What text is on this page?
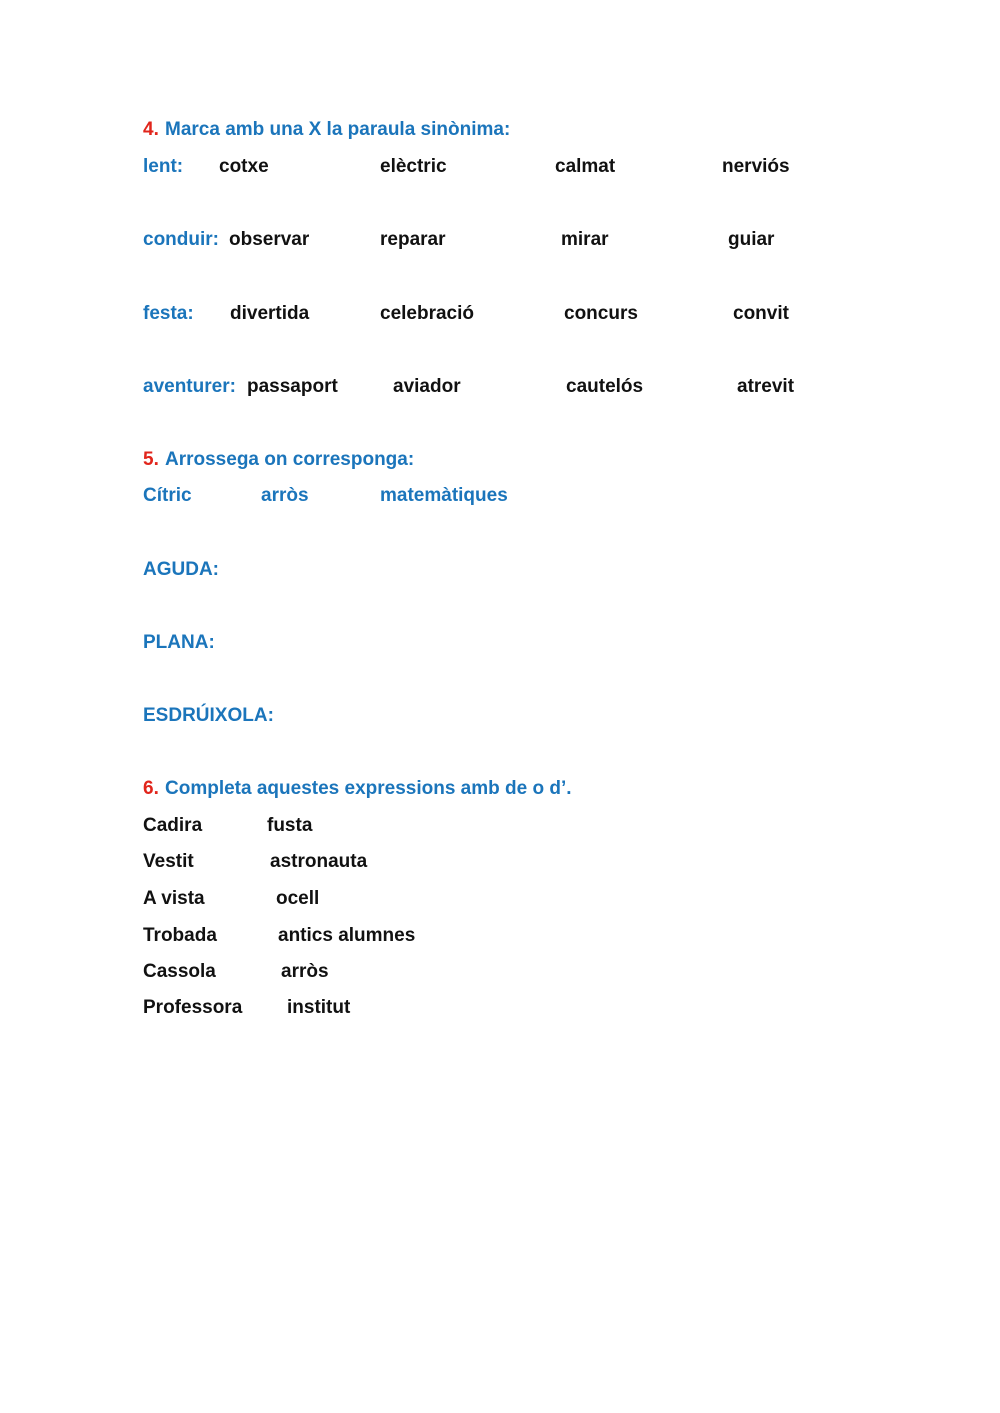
4. Marca amb una X la paraula sinònima:
lent: cotxe	elèctric	calmat	nerviós
conduir: observar	reparar	mirar	guiar
festa: divertida	celebració	concurs	convit
aventurer: passaport	aviador	cautelós	atrevit
5. Arrossega on corresponga:
Cítric	arròs	matemàtiques
AGUDA:
PLANA:
ESDRÚIXOLA:
6. Completa aquestes expressions amb de o d’.
Cadira	fusta
Vestit	astronauta
A vista	ocell
Trobada	antics alumnes
Cassola	arròs
Professora institut
